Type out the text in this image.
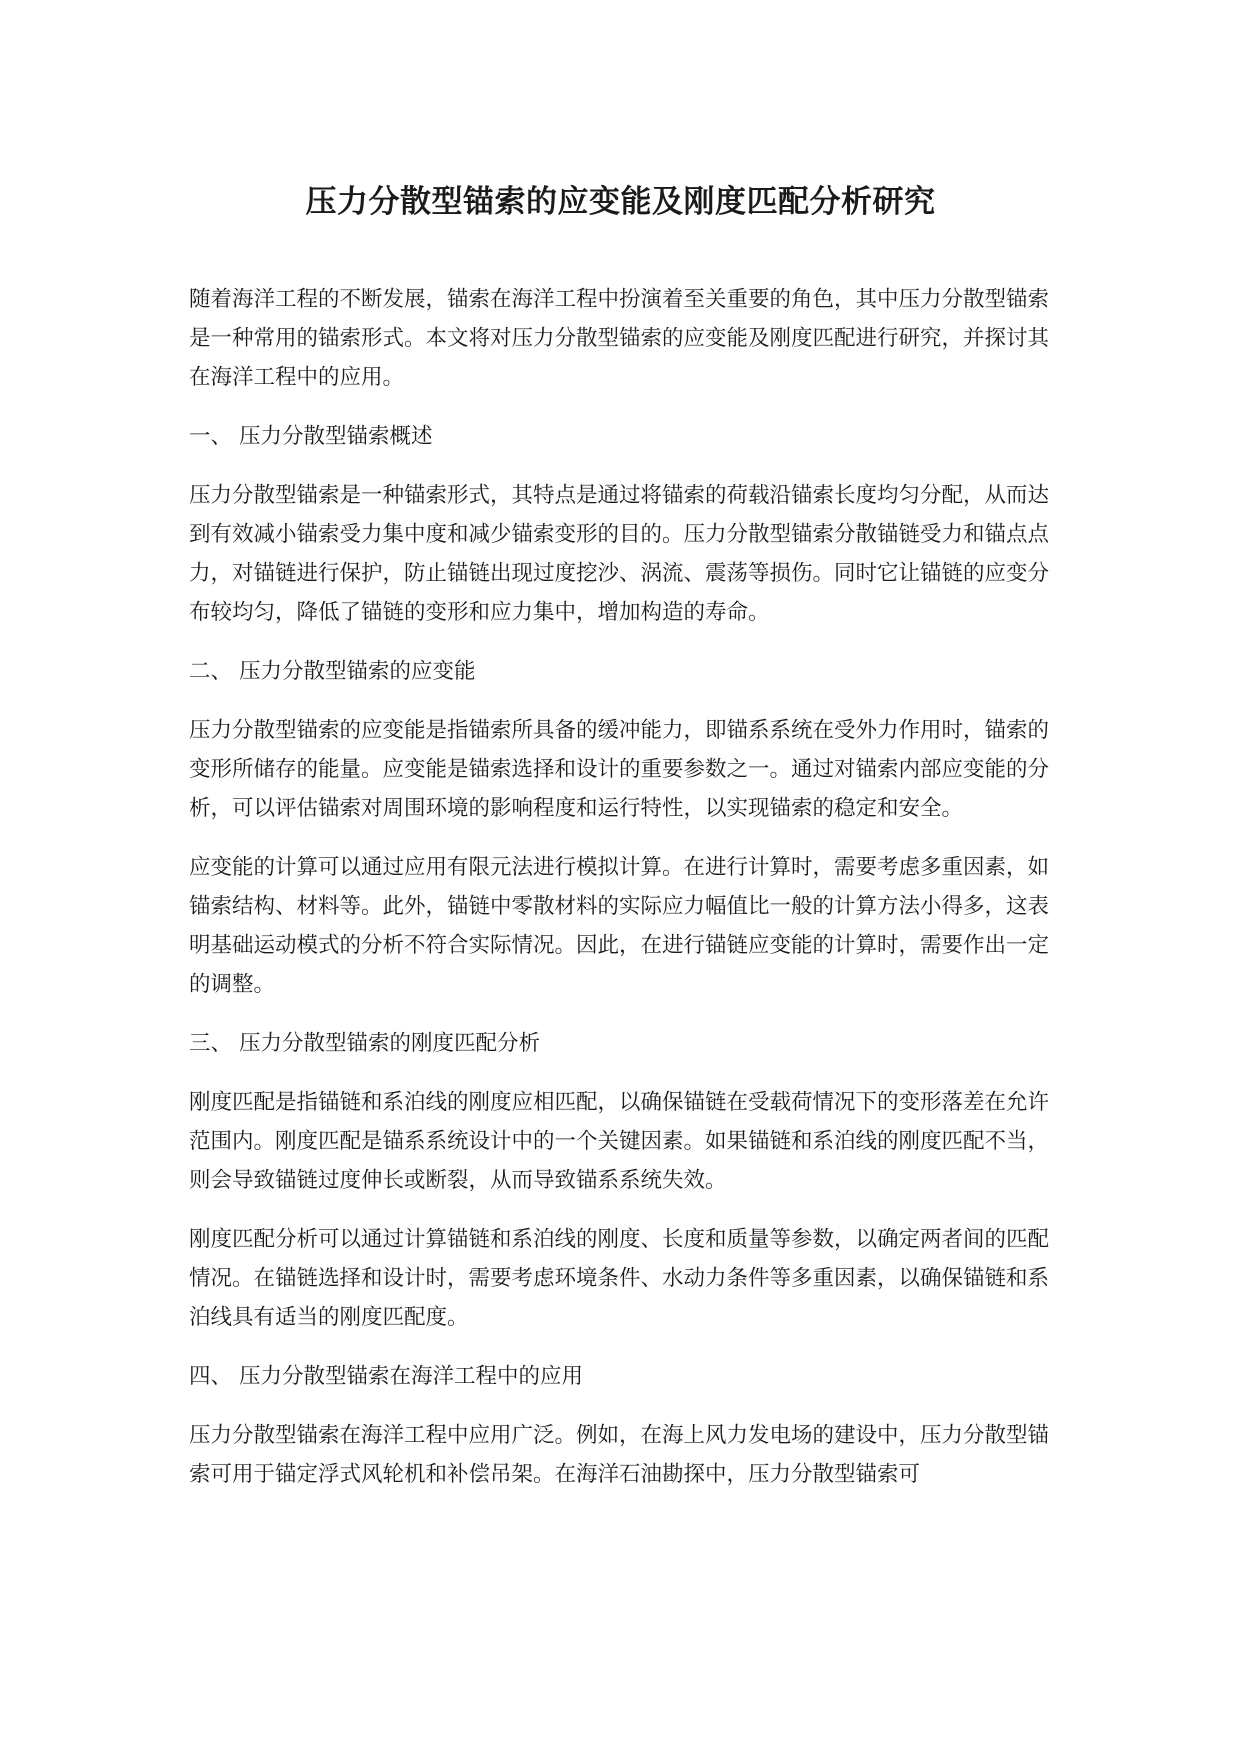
压力分散型锚索的应变能及刚度匹配分析研究

随着海洋工程的不断发展，锚索在海洋工程中扮演着至关重要的角色，其中压力分散型锚索是一种常用的锚索形式。本文将对压力分散型锚索的应变能及刚度匹配进行研究，并探讨其在海洋工程中的应用。

一、 压力分散型锚索概述

压力分散型锚索是一种锚索形式，其特点是通过将锚索的荷载沿锚索长度均匀分配，从而达到有效减小锚索受力集中度和减少锚索变形的目的。压力分散型锚索分散锚链受力和锚点点力，对锚链进行保护，防止锚链出现过度挖沙、涡流、震荡等损伤。同时它让锚链的应变分布较均匀，降低了锚链的变形和应力集中，增加构造的寿命。

二、 压力分散型锚索的应变能

压力分散型锚索的应变能是指锚索所具备的缓冲能力，即锚系系统在受外力作用时，锚索的变形所储存的能量。应变能是锚索选择和设计的重要参数之一。通过对锚索内部应变能的分析，可以评估锚索对周围环境的影响程度和运行特性，以实现锚索的稳定和安全。

应变能的计算可以通过应用有限元法进行模拟计算。在进行计算时，需要考虑多重因素，如锚索结构、材料等。此外，锚链中零散材料的实际应力幅值比一般的计算方法小得多，这表明基础运动模式的分析不符合实际情况。因此，在进行锚链应变能的计算时，需要作出一定的调整。

三、 压力分散型锚索的刚度匹配分析

刚度匹配是指锚链和系泊线的刚度应相匹配，以确保锚链在受载荷情况下的变形落差在允许范围内。刚度匹配是锚系系统设计中的一个关键因素。如果锚链和系泊线的刚度匹配不当，则会导致锚链过度伸长或断裂，从而导致锚系系统失效。

刚度匹配分析可以通过计算锚链和系泊线的刚度、长度和质量等参数，以确定两者间的匹配情况。在锚链选择和设计时，需要考虑环境条件、水动力条件等多重因素，以确保锚链和系泊线具有适当的刚度匹配度。

四、 压力分散型锚索在海洋工程中的应用

压力分散型锚索在海洋工程中应用广泛。例如，在海上风力发电场的建设中，压力分散型锚索可用于锚定浮式风轮机和补偿吊架。在海洋石油勘探中，压力分散型锚索可
